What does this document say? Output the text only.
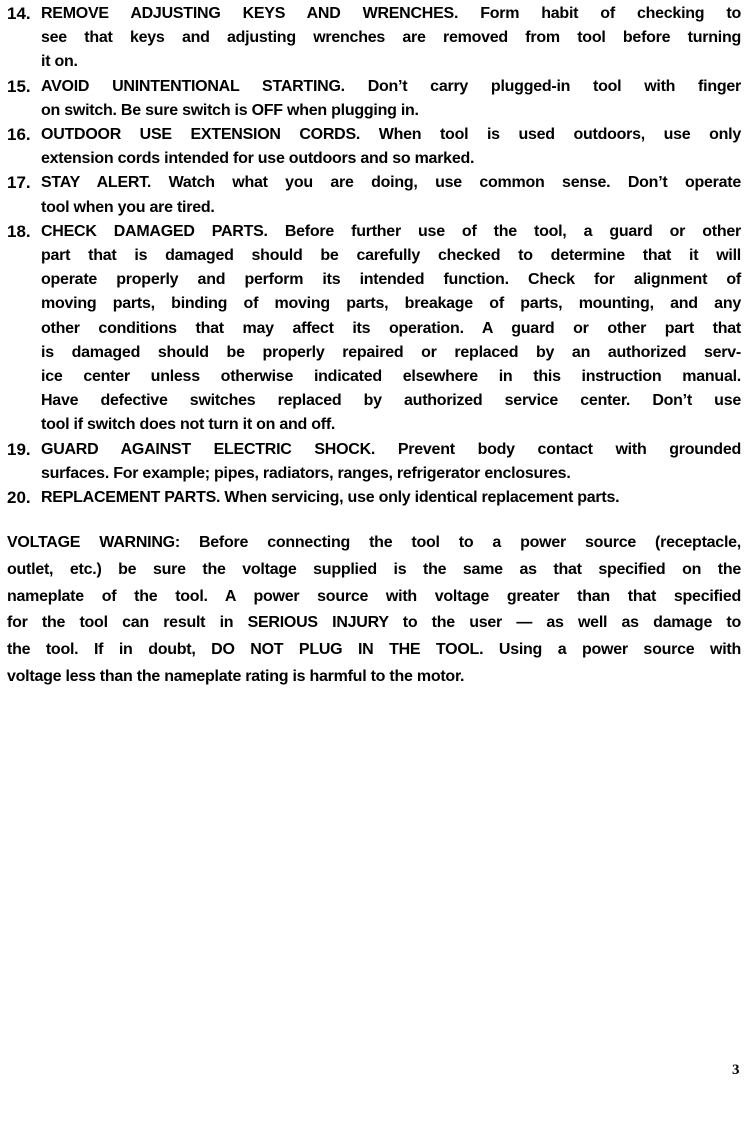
14. REMOVE ADJUSTING KEYS AND WRENCHES. Form habit of checking to
see that keys and adjusting wrenches are removed from tool before turning
it on.
15. AVOID UNINTENTIONAL STARTING. Don’t carry plugged-in tool with finger
on switch. Be sure switch is OFF when plugging in.
16. OUTDOOR USE EXTENSION CORDS. When tool is used outdoors, use only
extension cords intended for use outdoors and so marked.
17. STAY ALERT. Watch what you are doing, use common sense. Don’t operate
tool when you are tired.
18. CHECK DAMAGED PARTS. Before further use of the tool, a guard or other
part that is damaged should be carefully checked to determine that it will
operate properly and perform its intended function. Check for alignment of
moving parts, binding of moving parts, breakage of parts, mounting, and any
other conditions that may affect its operation. A guard or other part that
is damaged should be properly repaired or replaced by an authorized serv-
ice center unless otherwise indicated elsewhere in this instruction manual.
Have defective switches replaced by authorized service center. Don’t use
tool if switch does not turn it on and off.
19. GUARD AGAINST ELECTRIC SHOCK. Prevent body contact with grounded
surfaces. For example; pipes, radiators, ranges, refrigerator enclosures.
20. REPLACEMENT PARTS. When servicing, use only identical replacement parts.
VOLTAGE WARNING: Before connecting the tool to a power source (receptacle,
outlet, etc.) be sure the voltage supplied is the same as that specified on the
nameplate of the tool. A power source with voltage greater than that specified
for the tool can result in SERIOUS INJURY to the user — as well as damage to
the tool. If in doubt, DO NOT PLUG IN THE TOOL. Using a power source with
voltage less than the nameplate rating is harmful to the motor.
3
